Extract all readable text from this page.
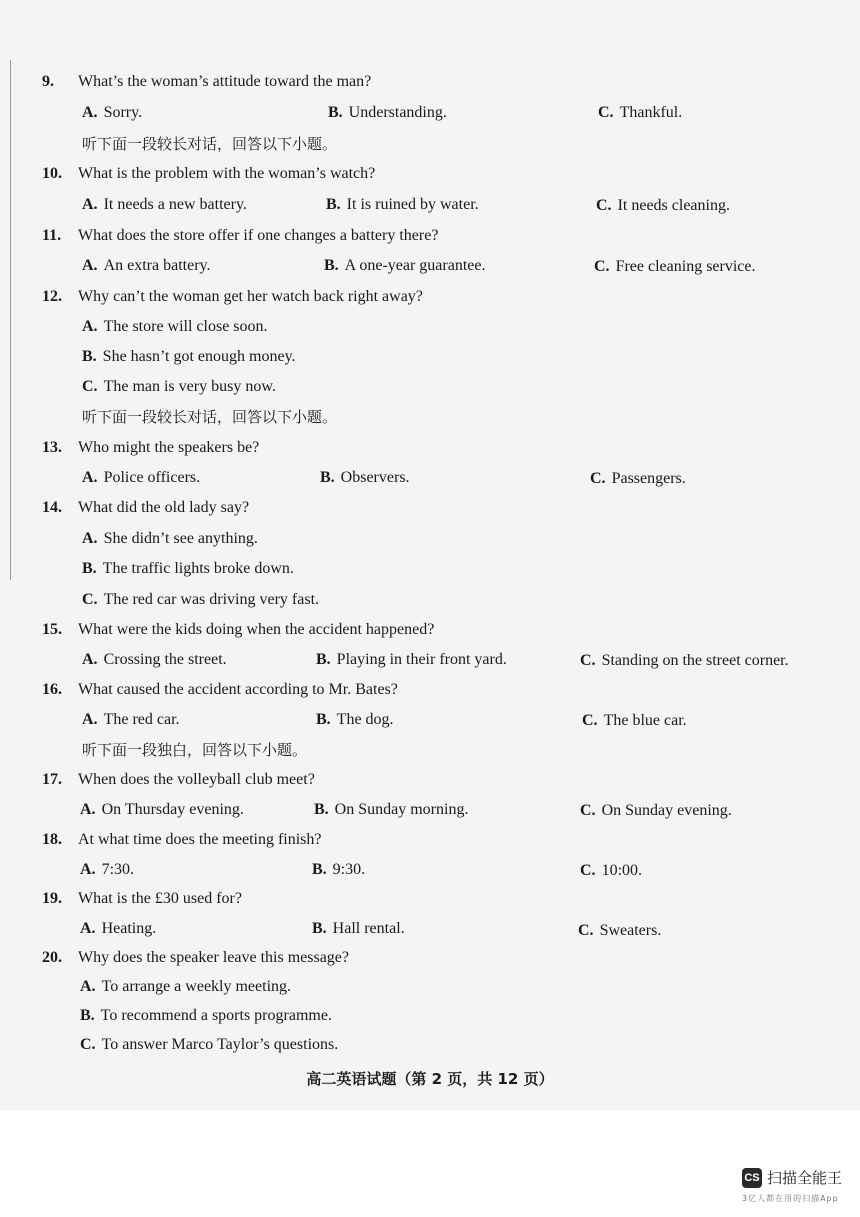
9. What’s the woman’s attitude toward the man?
A. Sorry.	B. Understanding.	C. Thankful.
听下面一段较长对话，回答以下小题。
10. What is the problem with the woman’s watch?
A. It needs a new battery.	B. It is ruined by water.	C. It needs cleaning.
11. What does the store offer if one changes a battery there?
A. An extra battery.	B. A one-year guarantee.	C. Free cleaning service.
12. Why can’t the woman get her watch back right away?
A. The store will close soon.
B. She hasn’t got enough money.
C. The man is very busy now.
听下面一段较长对话，回答以下小题。
13. Who might the speakers be?
A. Police officers.	B. Observers.	C. Passengers.
14. What did the old lady say?
A. She didn’t see anything.
B. The traffic lights broke down.
C. The red car was driving very fast.
15. What were the kids doing when the accident happened?
A. Crossing the street.	B. Playing in their front yard.	C. Standing on the street corner.
16. What caused the accident according to Mr. Bates?
A. The red car.	B. The dog.	C. The blue car.
听下面一段独白，回答以下小题。
17. When does the volleyball club meet?
A. On Thursday evening.	B. On Sunday morning.	C. On Sunday evening.
18. At what time does the meeting finish?
A. 7:30.	B. 9:30.	C. 10:00.
19. What is the £30 used for?
A. Heating.	B. Hall rental.	C. Sweaters.
20. Why does the speaker leave this message?
A. To arrange a weekly meeting.
B. To recommend a sports programme.
C. To answer Marco Taylor’s questions.
高二英语试题（第 2 页，共 12 页）
CS 扫描全能王
3亿人都在用的扫描App
